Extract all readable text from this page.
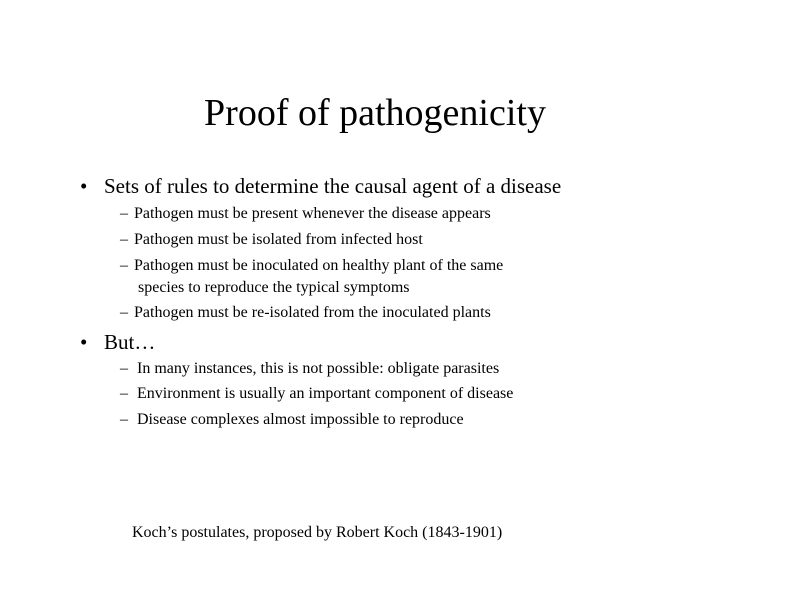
Proof of pathogenicity
• Sets of rules to determine the causal agent of a disease
– Pathogen must be present whenever the disease appears
– Pathogen must be isolated from infected host
– Pathogen must be inoculated on healthy plant of the same
species to reproduce the typical symptoms
– Pathogen must be re-isolated from the inoculated plants
• But…
– In many instances, this is not possible: obligate parasites
– Environment is usually an important component of disease
– Disease complexes almost impossible to reproduce
Koch’s postulates, proposed by Robert Koch (1843-1901)
